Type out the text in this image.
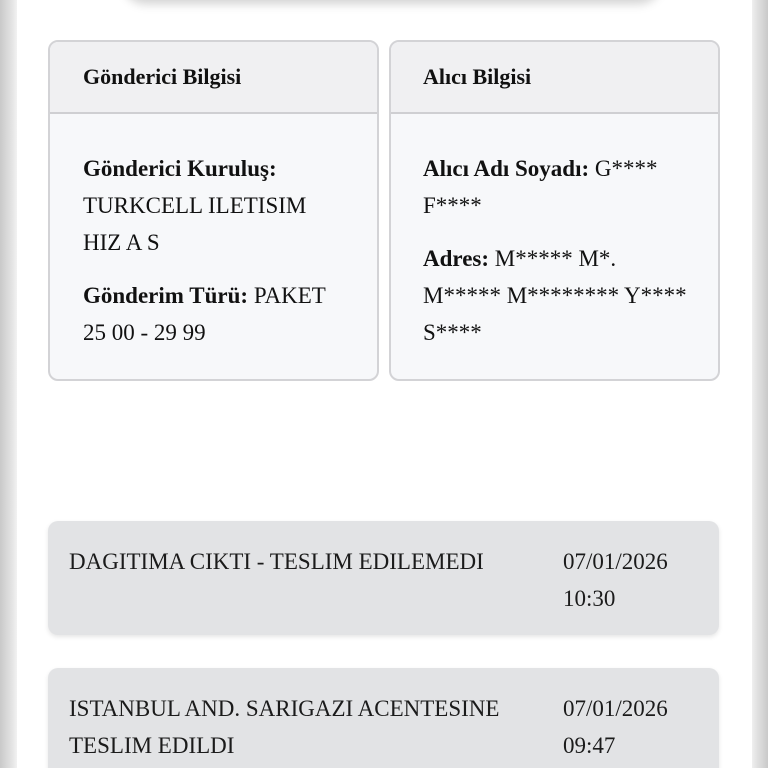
Gönderici Bilgisi
Gönderici Kuruluş:
TURKCELL ILETISIM HIZ A S
Gönderim Türü: PAKET 25 00 - 29 99
Alıcı Bilgisi
Alıcı Adı Soyadı: G**** F****
Adres: M***** M*. M***** M******** Y**** S****
DAGITIMA CIKTI - TESLIM EDILEMEDI	07/01/2026
10:30
ISTANBUL AND. SARIGAZI ACENTESINE TESLIM EDILDI
07/01/2026
09:47
